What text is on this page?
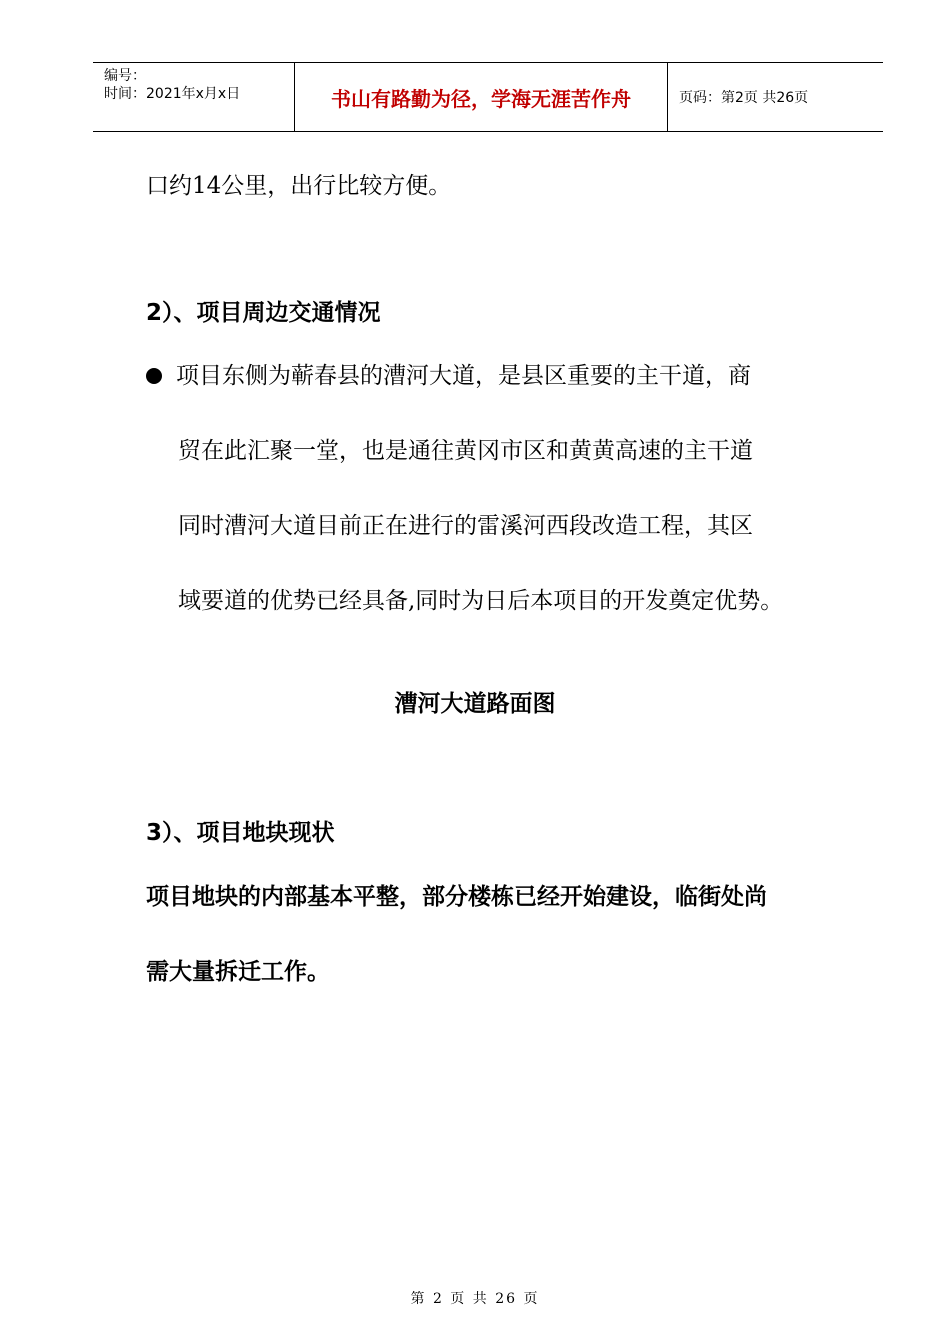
编号：
时间：2021年x月x日	书山有路勤为径，学海无涯苦作舟	页码：第2页 共26页
口约14公里，出行比较方便。
2）、项目周边交通情况
项目东侧为蕲春县的漕河大道，是县区重要的主干道，商
贸在此汇聚一堂，也是通往黄冈市区和黄黄高速的主干道
同时漕河大道目前正在进行的雷溪河西段改造工程，其区
域要道的优势已经具备,同时为日后本项目的开发奠定优势。
漕河大道路面图
3）、项目地块现状
项目地块的内部基本平整，部分楼栋已经开始建设，临街处尚
需大量拆迁工作。
第 2 页 共 26 页
